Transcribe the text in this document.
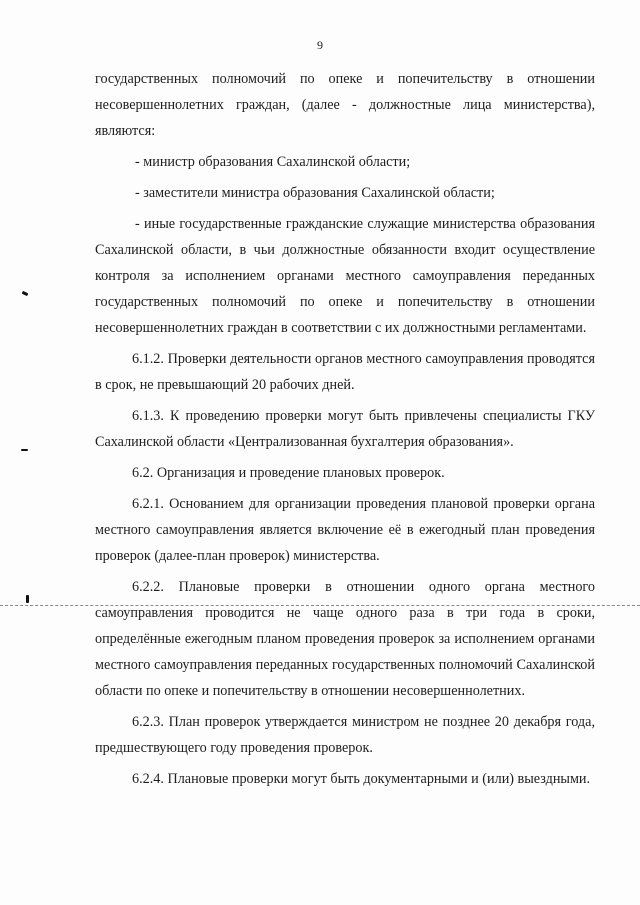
9

государственных полномочий по опеке и попечительству в отношении несовершеннолетних граждан, (далее - должностные лица министерства), являются:

- министр образования Сахалинской области;

- заместители министра образования Сахалинской области;

- иные государственные гражданские служащие министерства образования Сахалинской области, в чьи должностные обязанности входит осуществление контроля за исполнением органами местного самоуправления переданных государственных полномочий по опеке и попечительству в отношении несовершеннолетних граждан в соответствии с их должностными регламентами.

6.1.2. Проверки деятельности органов местного самоуправления проводятся в срок, не превышающий 20 рабочих дней.

6.1.3. К проведению проверки могут быть привлечены специалисты ГКУ Сахалинской области «Централизованная бухгалтерия образования».

6.2. Организация и проведение плановых проверок.

6.2.1. Основанием для организации проведения плановой проверки органа местного самоуправления является включение её в ежегодный план проведения проверок (далее-план проверок) министерства.

6.2.2. Плановые проверки в отношении одного органа местного самоуправления проводится не чаще одного раза в три года в сроки, определённые ежегодным планом проведения проверок за исполнением органами местного самоуправления переданных государственных полномочий Сахалинской области по опеке и попечительству в отношении несовершеннолетних.

6.2.3. План проверок утверждается министром не позднее 20 декабря года, предшествующего году проведения проверок.

6.2.4. Плановые проверки могут быть документарными и (или) выездными.
